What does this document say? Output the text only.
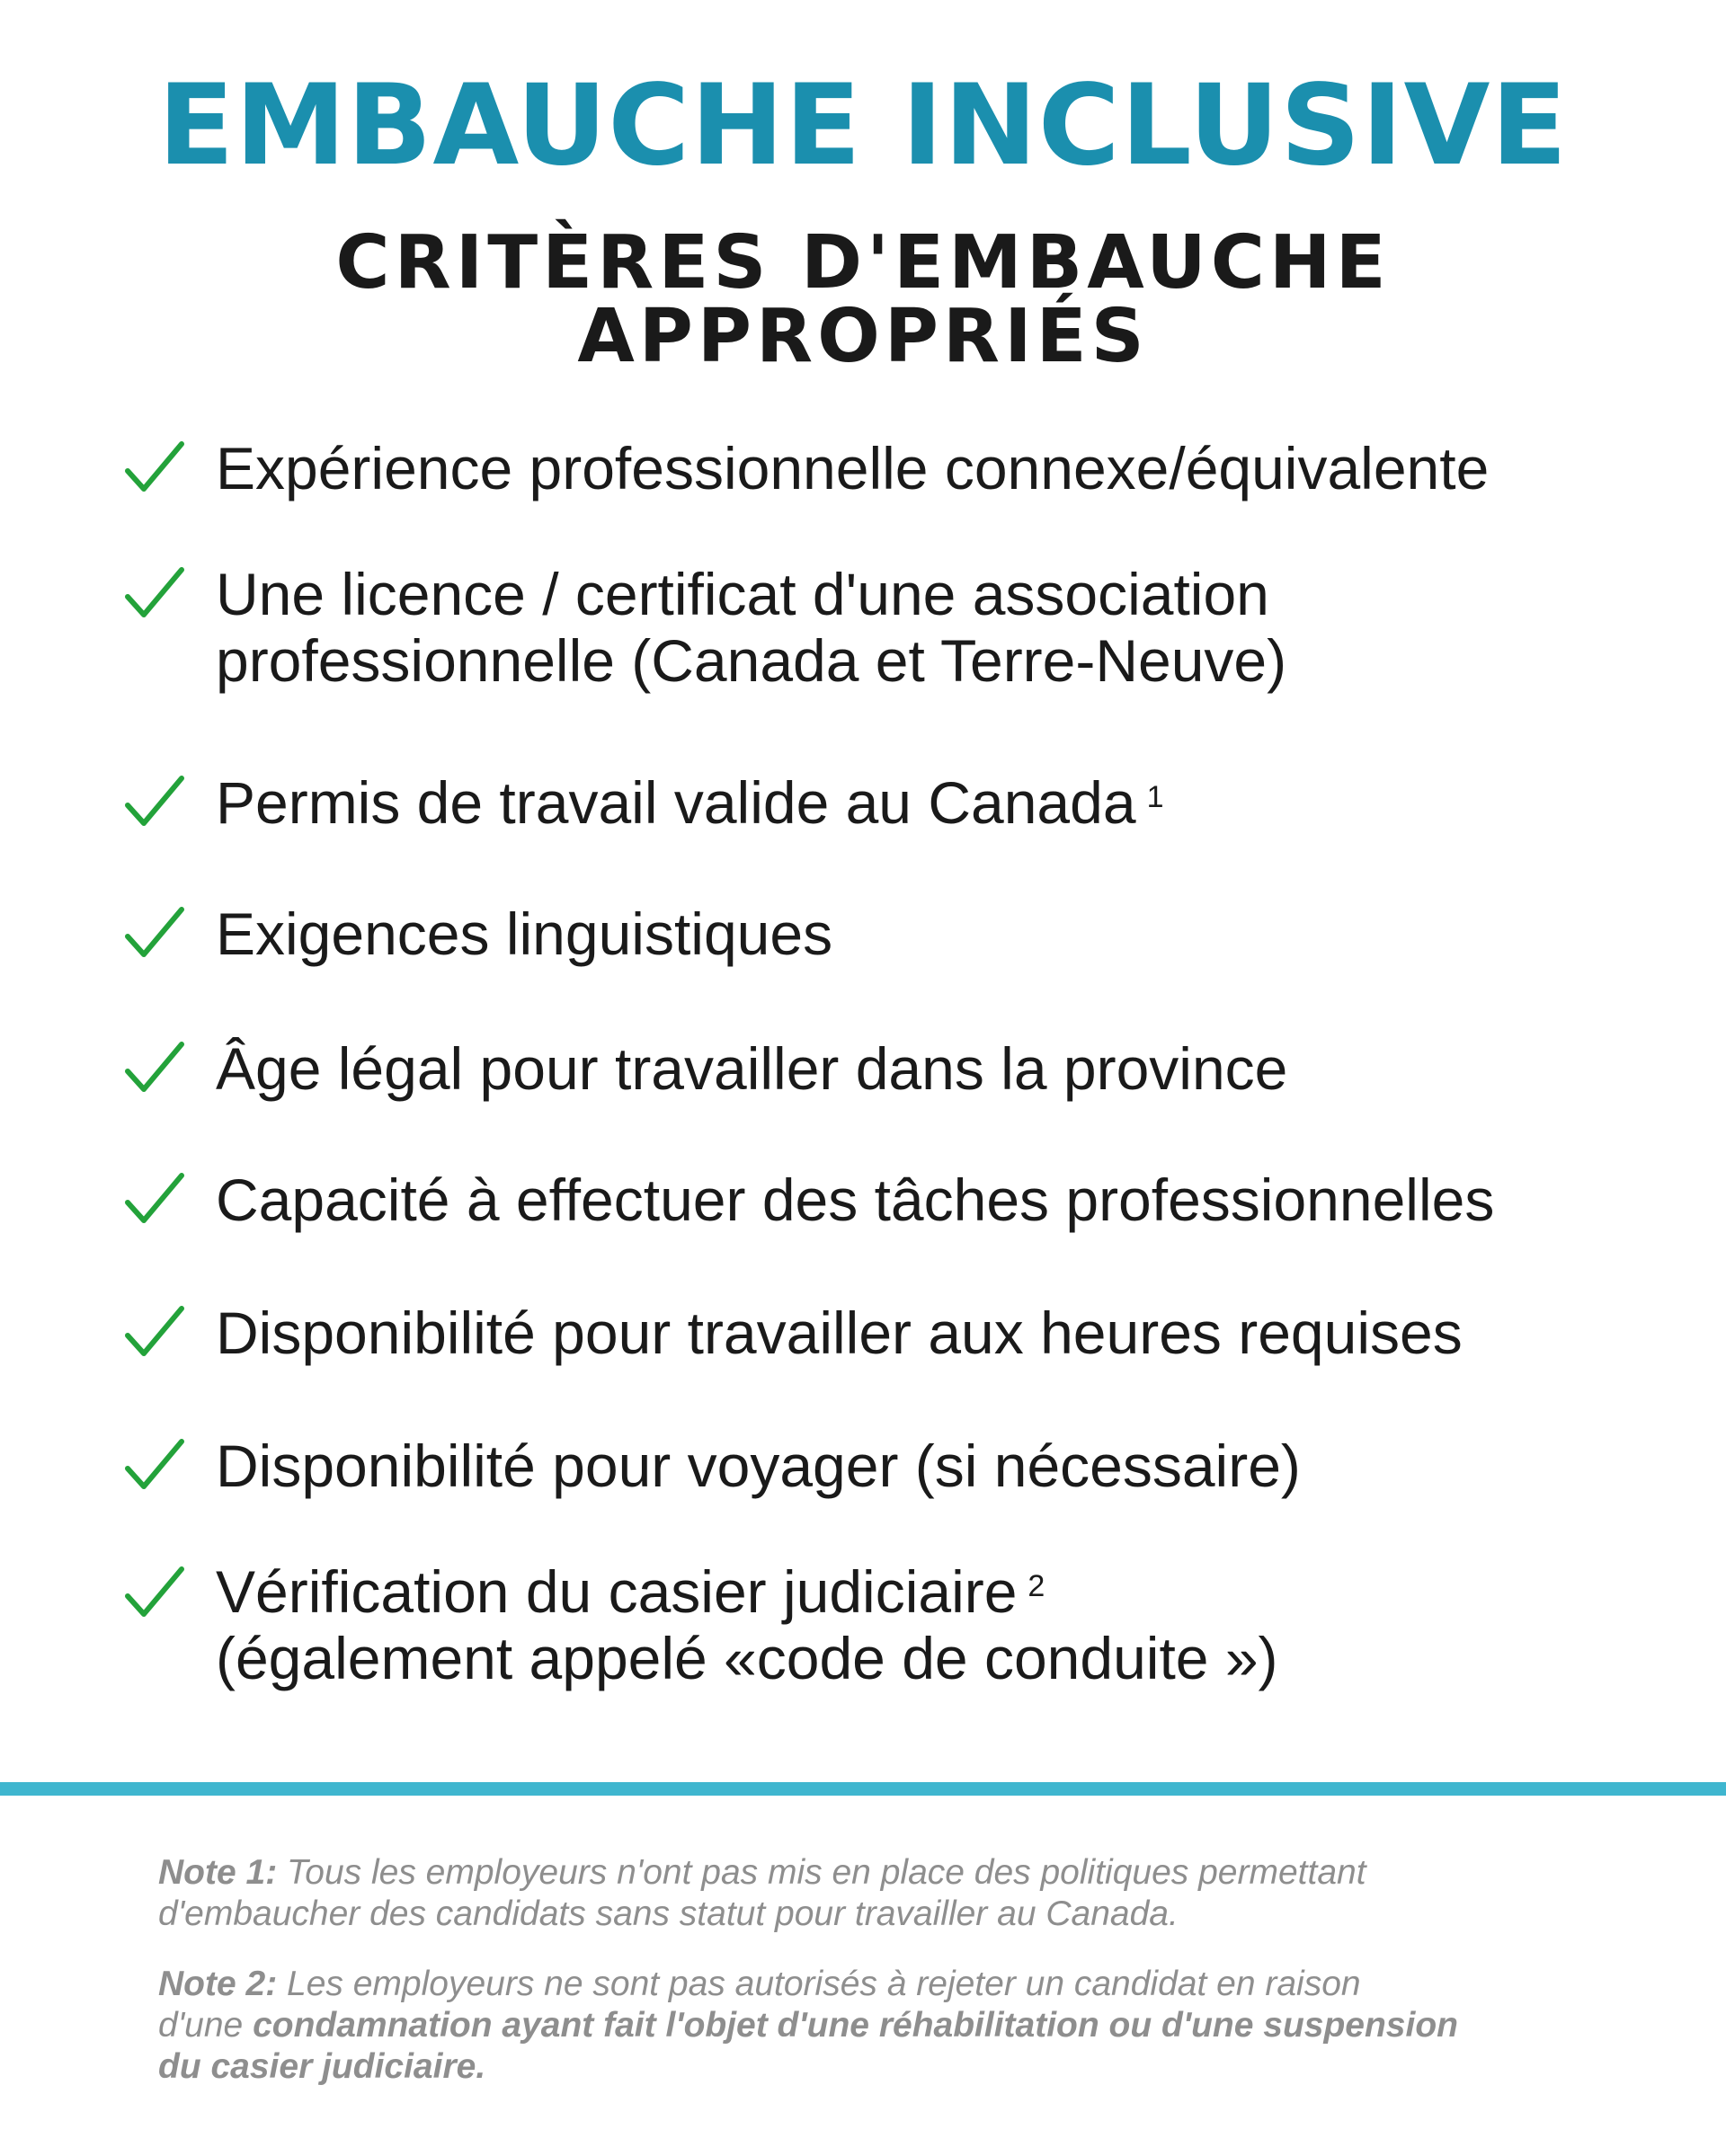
EMBAUCHE INCLUSIVE
CRITÈRES D'EMBAUCHE
APPROPRIÉS
Expérience professionnelle connexe/équivalente
Une licence / certificat d'une association
professionnelle (Canada et Terre-Neuve)
Permis de travail valide au Canada $^1$
Exigences linguistiques
Âge légal pour travailler dans la province
Capacité à effectuer des tâches professionnelles
Disponibilité pour travailler aux heures requises
Disponibilité pour voyager (si nécessaire)
Vérification du casier judiciaire $^2$
(également appelé «code de conduite »)
Note 1: Tous les employeurs n'ont pas mis en place des politiques permettant
d'embaucher des candidats sans statut pour travailler au Canada.
Note 2: Les employeurs ne sont pas autorisés à rejeter un candidat en raison
d'une condamnation ayant fait l'objet d'une réhabilitation ou d'une suspension
du casier judiciaire.
